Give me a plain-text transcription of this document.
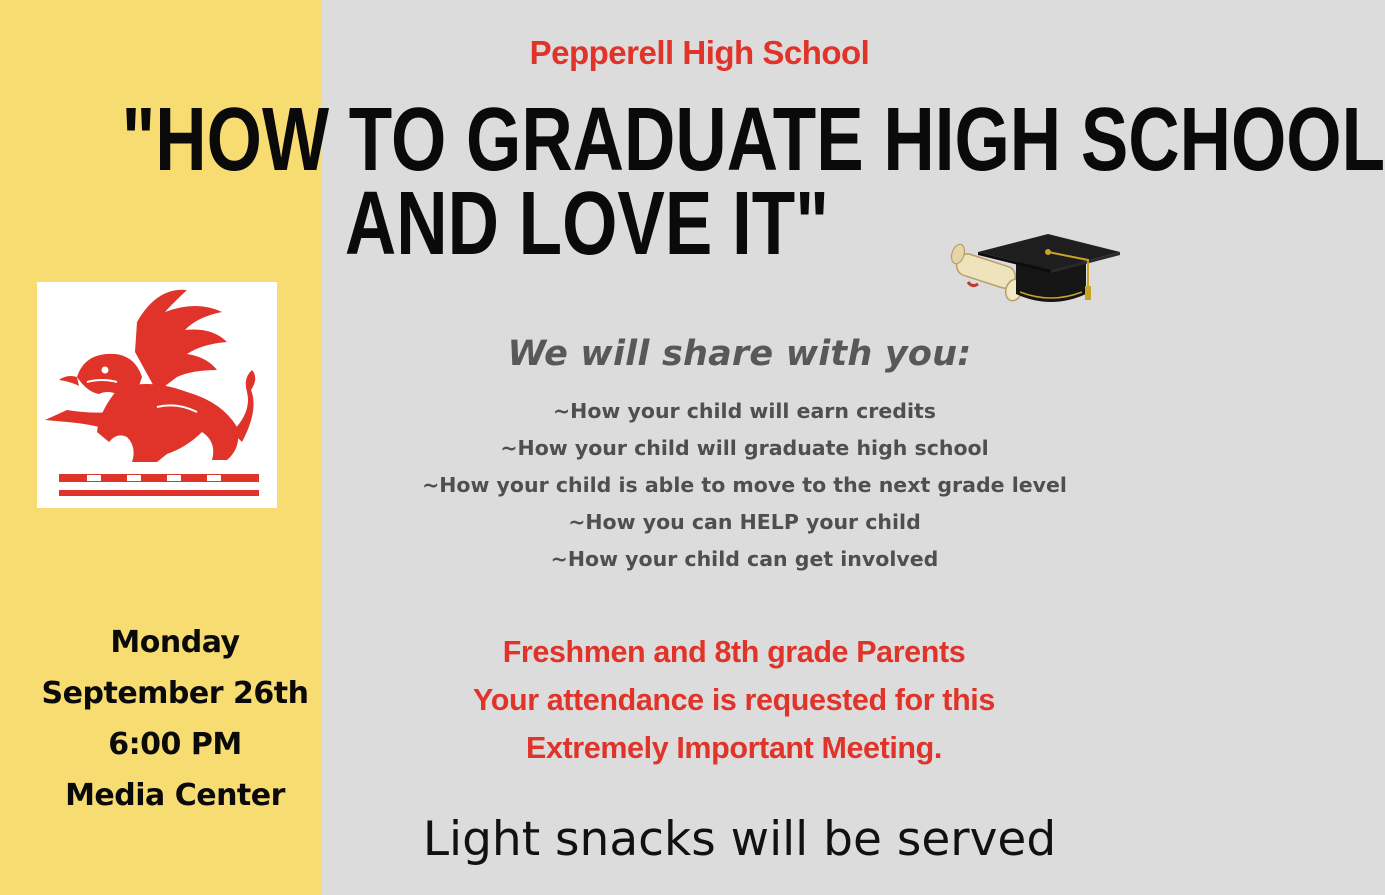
Pepperell High School
"HOW TO GRADUATE HIGH SCHOOL
AND LOVE IT"
We will share with you:
~How your child will earn credits
~How your child will graduate high school
~How your child is able to move to the next grade level
~How you can HELP your child
~How your child can get involved
Freshmen and 8th grade Parents
Your attendance is requested for this
Extremely Important Meeting.
Monday
September 26th
6:00 PM
Media Center
Light snacks will be served
